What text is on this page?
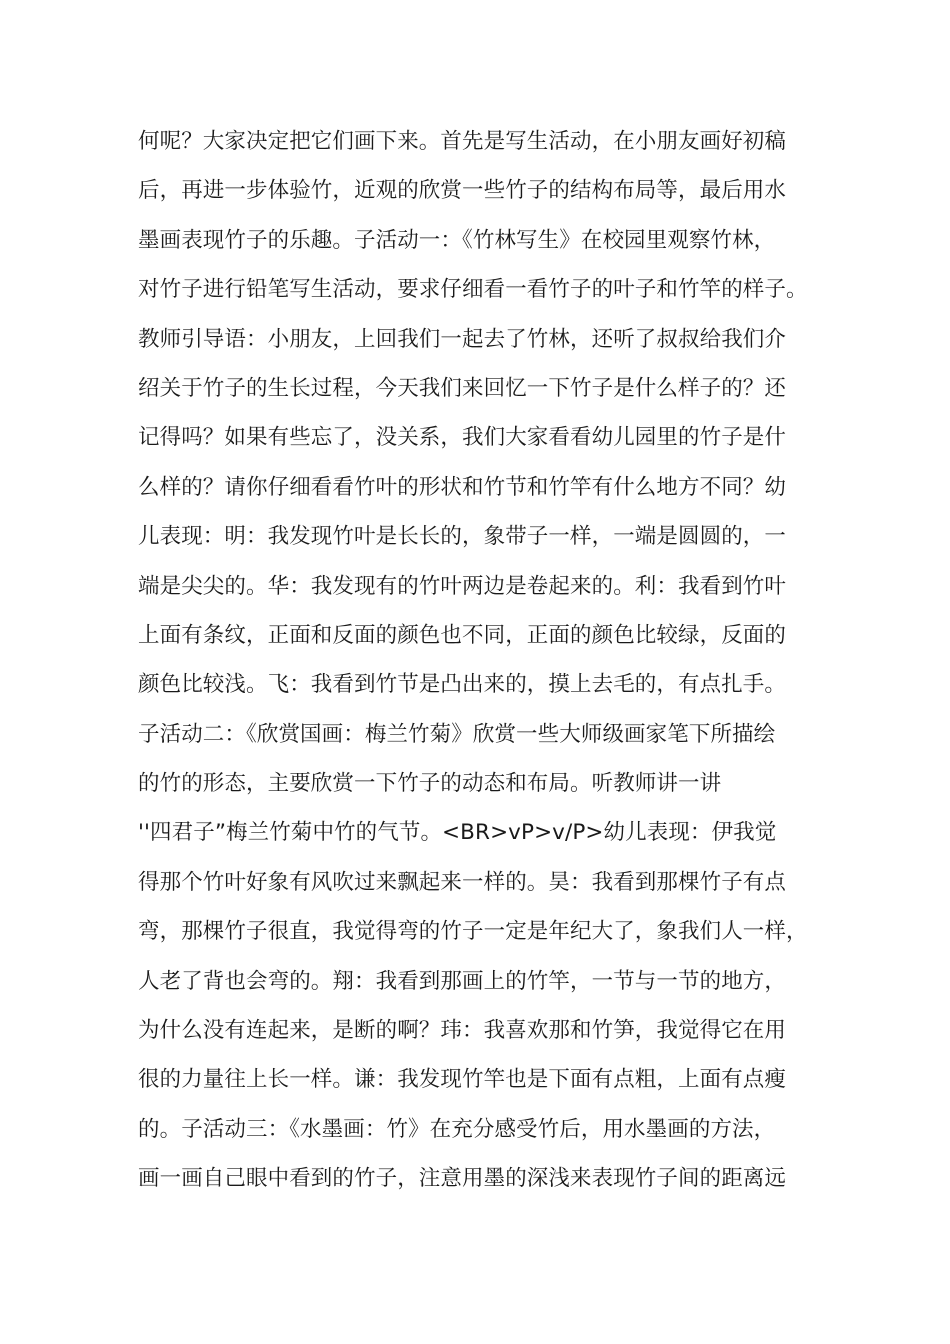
何呢？大家决定把它们画下来。首先是写生活动，在小朋友画好初稿
后，再进一步体验竹，近观的欣赏一些竹子的结构布局等，最后用水
墨画表现竹子的乐趣。子活动一：《竹林写生》在校园里观察竹林，
对竹子进行铅笔写生活动，要求仔细看一看竹子的叶子和竹竿的样子。
教师引导语：小朋友，上回我们一起去了竹林，还听了叔叔给我们介
绍关于竹子的生长过程，今天我们来回忆一下竹子是什么样子的？还
记得吗？如果有些忘了，没关系，我们大家看看幼儿园里的竹子是什
么样的？请你仔细看看竹叶的形状和竹节和竹竿有什么地方不同？幼
儿表现：明：我发现竹叶是长长的，象带子一样，一端是圆圆的，一
端是尖尖的。华：我发现有的竹叶两边是卷起来的。利：我看到竹叶
上面有条纹，正面和反面的颜色也不同，正面的颜色比较绿，反面的
颜色比较浅。飞：我看到竹节是凸出来的，摸上去毛的，有点扎手。
子活动二：《欣赏国画：梅兰竹菊》欣赏一些大师级画家笔下所描绘
的竹的形态，主要欣赏一下竹子的动态和布局。听教师讲一讲
''四君子”梅兰竹菊中竹的气节。<BR>vP>v/P>幼儿表现：伊我觉
得那个竹叶好象有风吹过来飘起来一样的。昊：我看到那棵竹子有点
弯，那棵竹子很直，我觉得弯的竹子一定是年纪大了，象我们人一样，
人老了背也会弯的。翔：我看到那画上的竹竿，一节与一节的地方，
为什么没有连起来，是断的啊？玮：我喜欢那和竹笋，我觉得它在用
很的力量往上长一样。谦：我发现竹竿也是下面有点粗，上面有点瘦
的。子活动三：《水墨画：竹》在充分感受竹后，用水墨画的方法，
画一画自己眼中看到的竹子，注意用墨的深浅来表现竹子间的距离远
